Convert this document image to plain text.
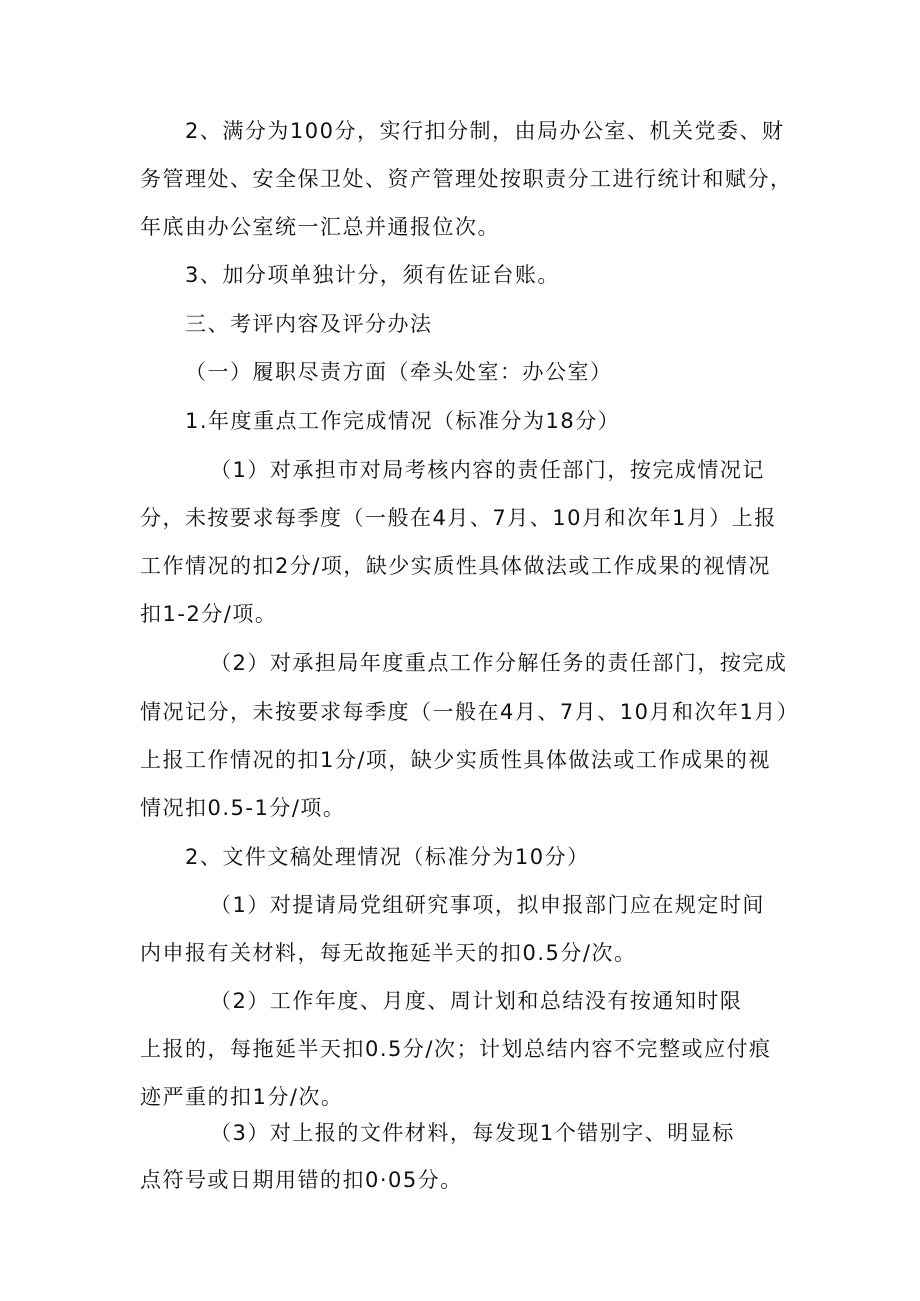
2、满分为100分，实行扣分制，由局办公室、机关党委、财
务管理处、安全保卫处、资产管理处按职责分工进行统计和赋分，
年底由办公室统一汇总并通报位次。
3、加分项单独计分，须有佐证台账。
三、考评内容及评分办法
（一）履职尽责方面（牵头处室：办公室）
1.年度重点工作完成情况（标准分为18分）
（1）对承担市对局考核内容的责任部门，按完成情况记
分，未按要求每季度（一般在4月、7月、10月和次年1月）上报
工作情况的扣2分/项，缺少实质性具体做法或工作成果的视情况
扣1-2分/项。
（2）对承担局年度重点工作分解任务的责任部门，按完成
情况记分，未按要求每季度（一般在4月、7月、10月和次年1月）
上报工作情况的扣1分/项，缺少实质性具体做法或工作成果的视
情况扣0.5-1分/项。
2、文件文稿处理情况（标准分为10分）
（1）对提请局党组研究事项，拟申报部门应在规定时间
内申报有关材料，每无故拖延半天的扣0.5分/次。
（2）工作年度、月度、周计划和总结没有按通知时限
上报的，每拖延半天扣0.5分/次；计划总结内容不完整或应付痕
迹严重的扣1分/次。
（3）对上报的文件材料，每发现1个错别字、明显标
点符号或日期用错的扣0·05分。
